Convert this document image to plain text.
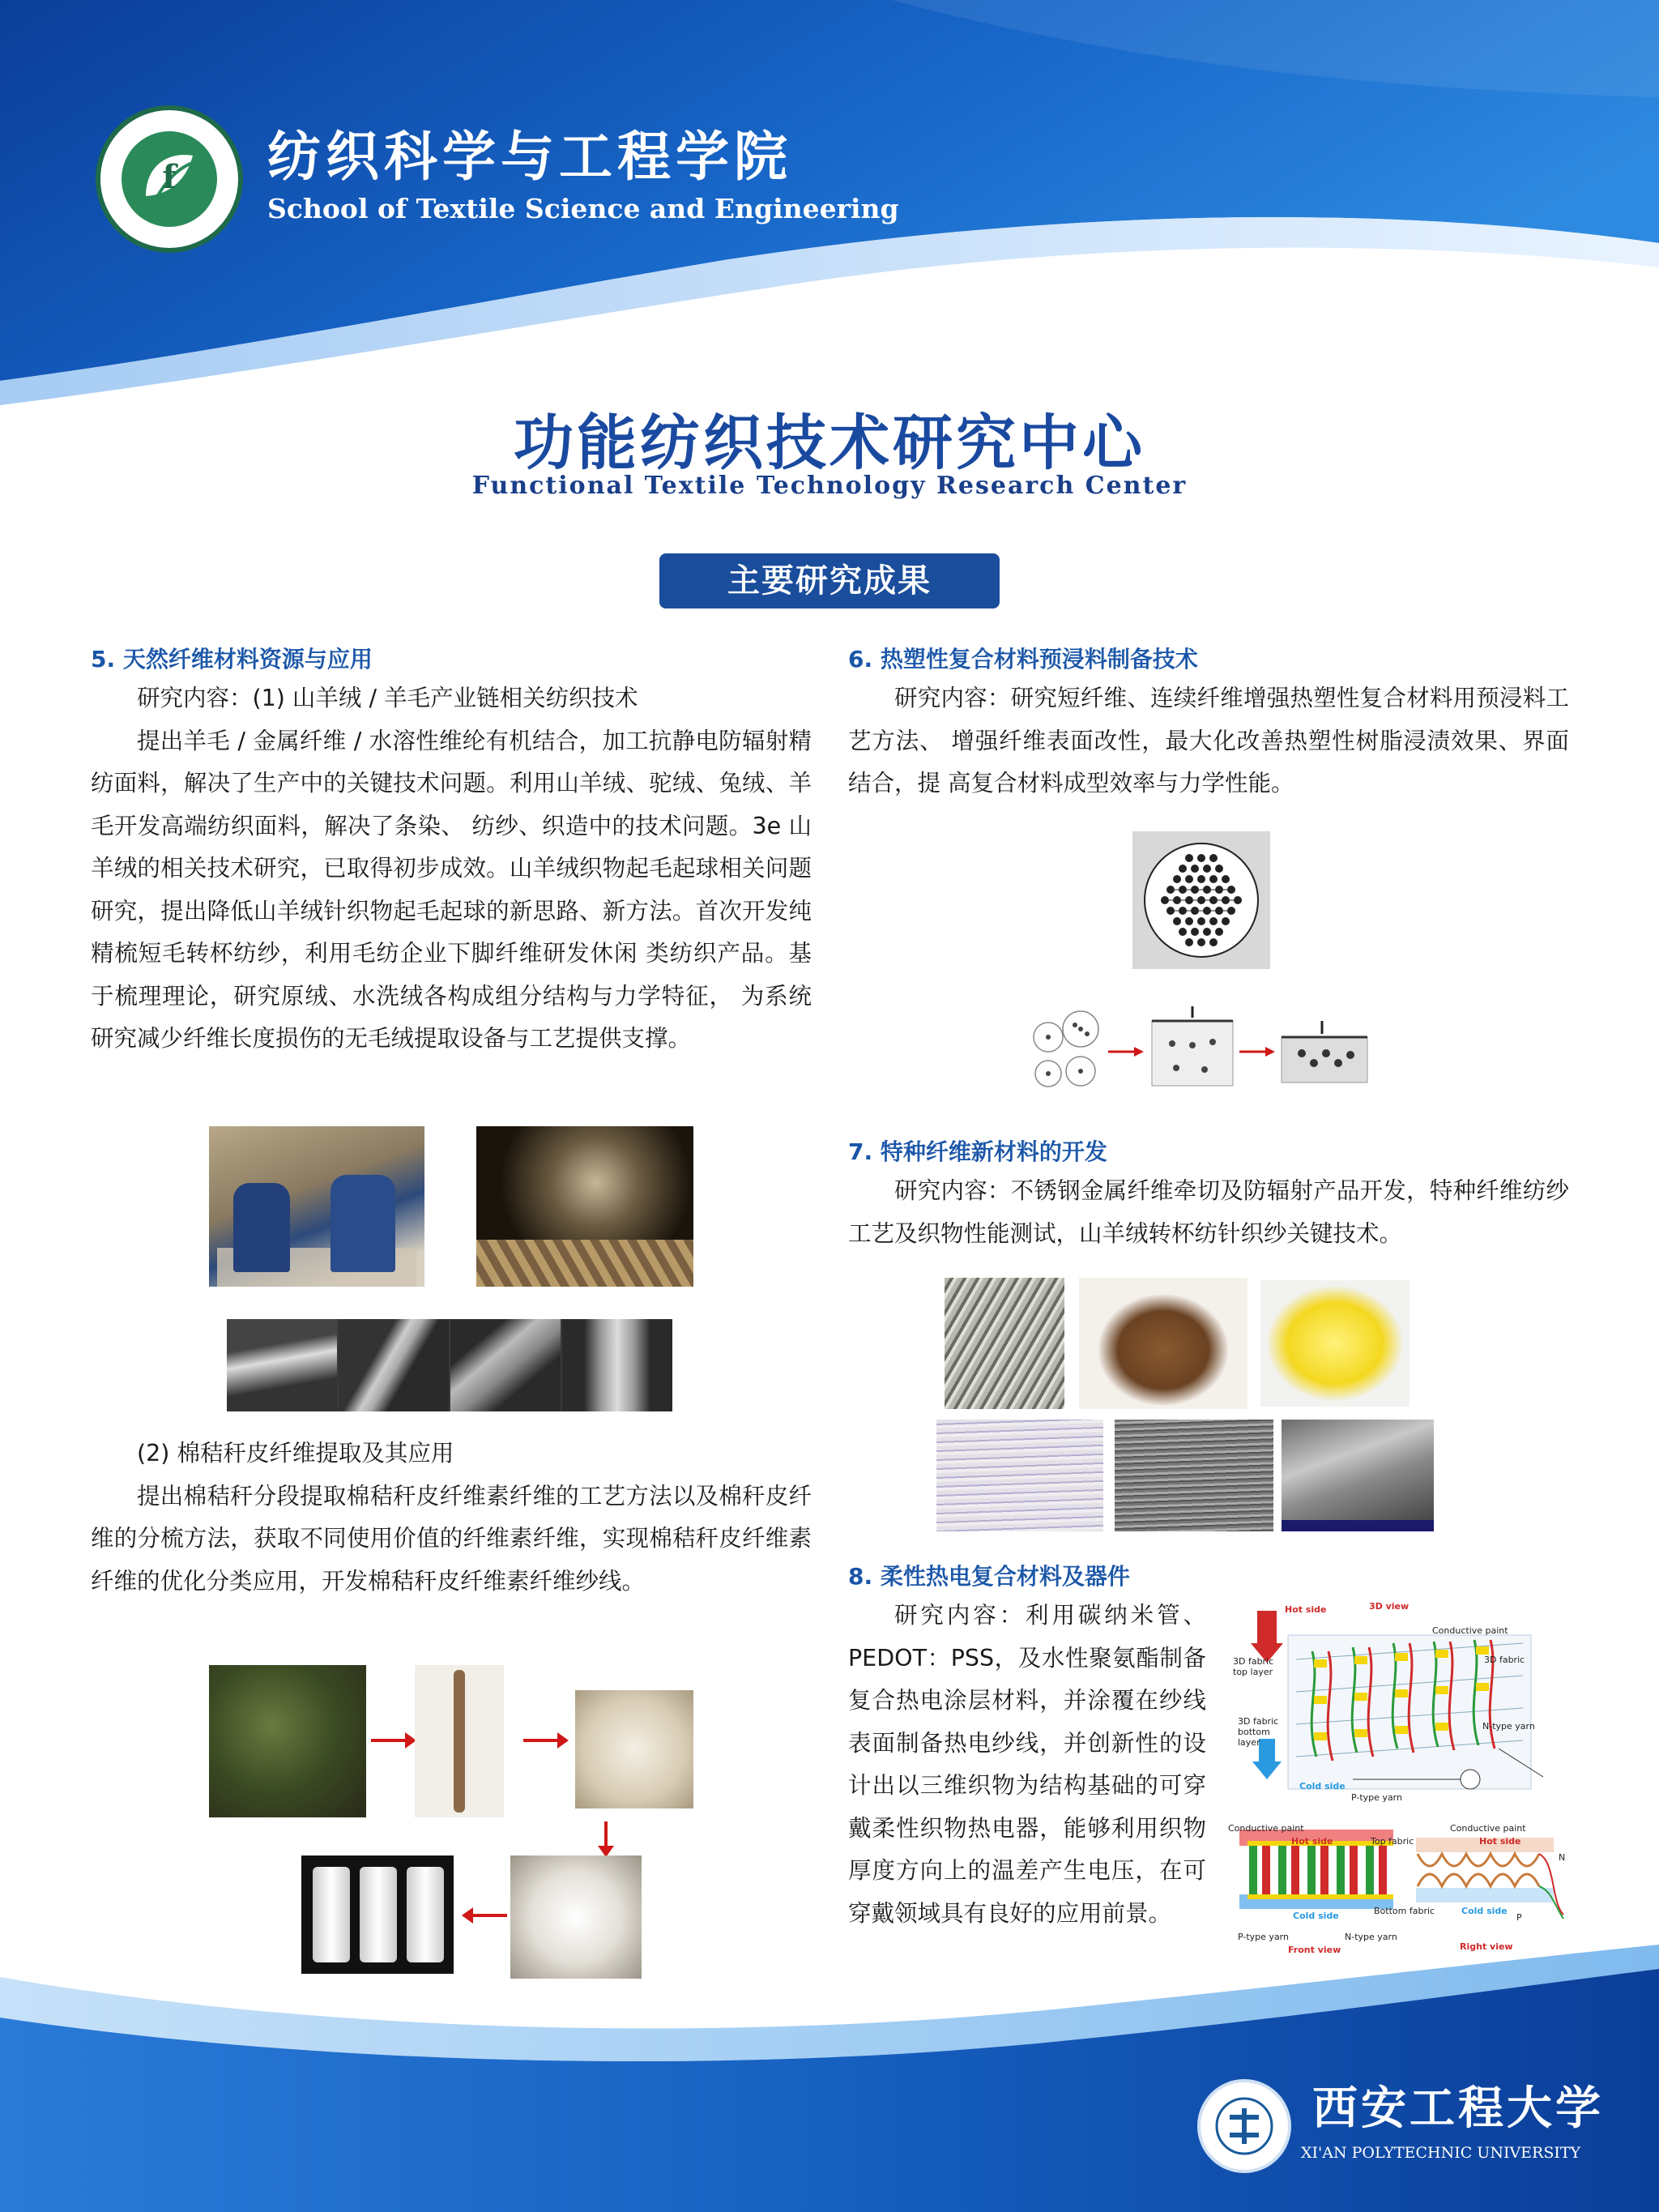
f 纺织科学与工程学院
School of Textile Science and Engineering
功能纺织技术研究中心
Functional Textile Technology Research Center
主要研究成果
5. 天然纤维材料资源与应用

研究内容：(1) 山羊绒 / 羊毛产业链相关纺织技术

提出羊毛 / 金属纤维 / 水溶性维纶有机结合，加工抗静电防辐射精纺面料，解决了生产中的关键技术问题。利用山羊绒、驼绒、兔绒、羊毛开发高端纺织面料，解决了条染、 纺纱、织造中的技术问题。3e 山羊绒的相关技术研究，已取得初步成效。山羊绒织物起毛起球相关问题研究，提出降低山羊绒针织物起毛起球的新思路、新方法。首次开发纯精梳短毛转杯纺纱，利用毛纺企业下脚纤维研发休闲 类纺织产品。基于梳理理论，研究原绒、水洗绒各构成组分结构与力学特征， 为系统研究减少纤维长度损伤的无毛绒提取设备与工艺提供支撑。

(2) 棉秸秆皮纤维提取及其应用

提出棉秸秆分段提取棉秸秆皮纤维素纤维的工艺方法以及棉秆皮纤维的分梳方法，获取不同使用价值的纤维素纤维，实现棉秸秆皮纤维素纤维的优化分类应用，开发棉秸秆皮纤维素纤维纱线。

6. 热塑性复合材料预浸料制备技术

研究内容：研究短纤维、连续纤维增强热塑性复合材料用预浸料工艺方法、 增强纤维表面改性，最大化改善热塑性树脂浸渍效果、界面结合，提 高复合材料成型效率与力学性能。

7. 特种纤维新材料的开发

研究内容：不锈钢金属纤维牵切及防辐射产品开发，特种纤维纺纱工艺及织物性能测试，山羊绒转杯纺针织纱关键技术。

8. 柔性热电复合材料及器件

研究内容：利用碳纳米管、PEDOT：PSS，及水性聚氨酯制备复合热电涂层材料，并涂覆在纱线表面制备热电纱线，并创新性的设计出以三维织物为结构基础的可穿戴柔性织物热电器，能够利用织物厚度方向上的温差产生电压，在可穿戴领域具有良好的应用前景。

Hot side	3D view
Conductive paint
3D fabric top layer
3D fabric
3D fabric bottom layer
N-type yarn
Cold side
P-type yarn
Conductive paint	Conductive paint
Hot side	Top fabric	Hot side
N
Cold side	Bottom fabric	Cold side
P
P-type yarn	N-type yarn
Front view	Right view
西安工程大学
XI'AN POLYTECHNIC UNIVERSITY
